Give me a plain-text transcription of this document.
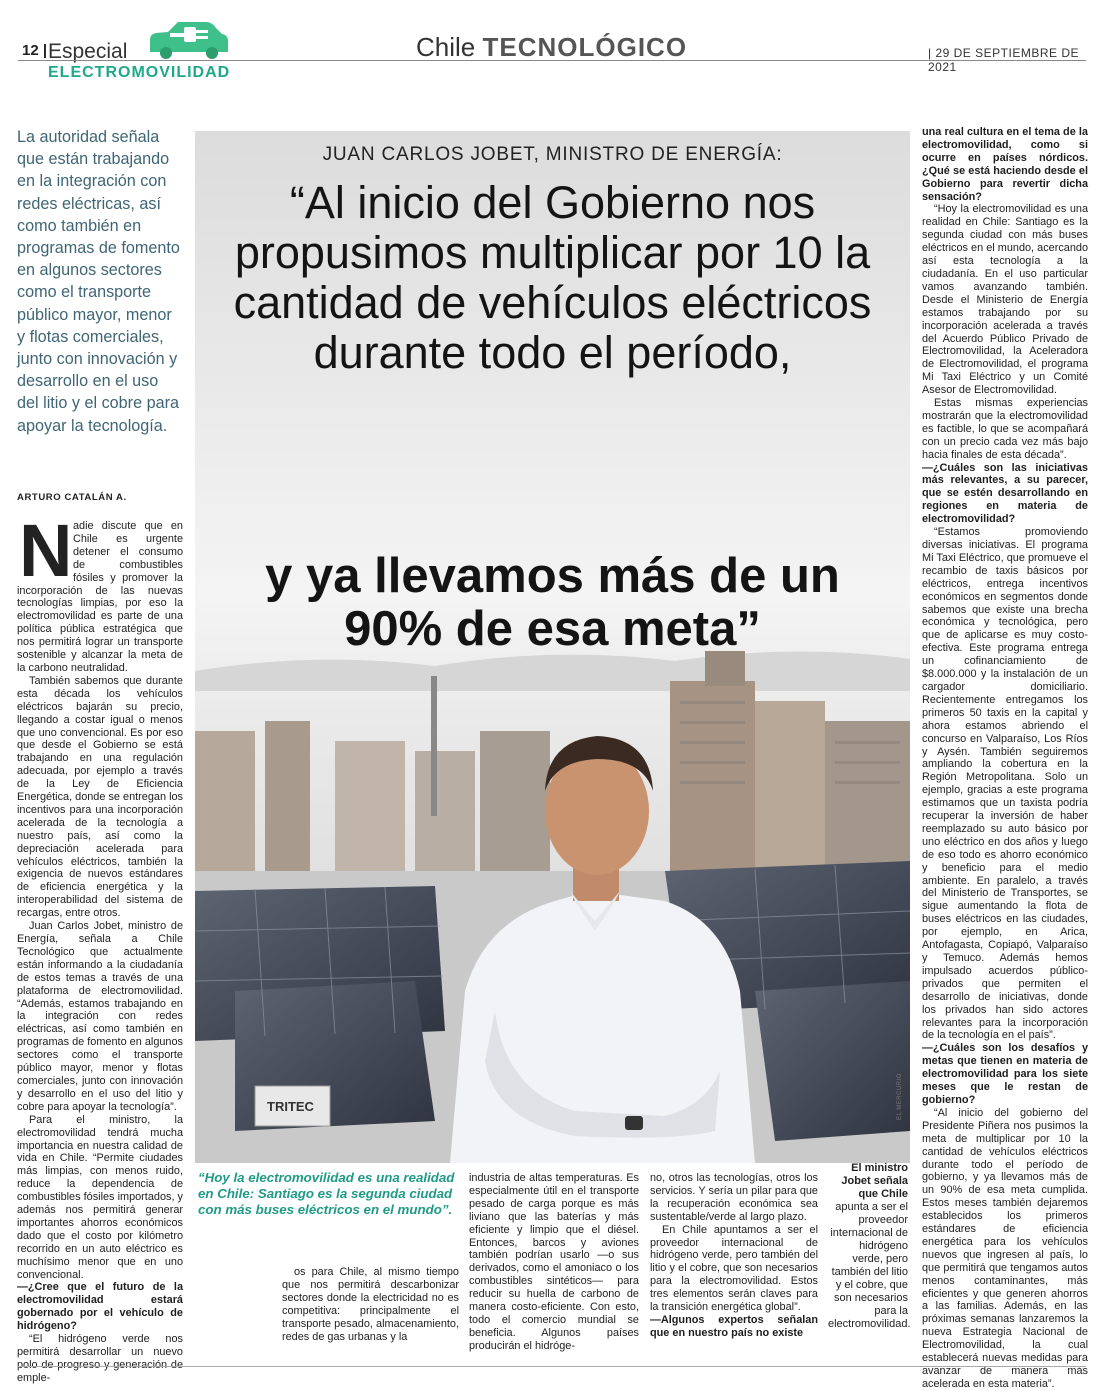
12 | Especial
ELECTROMOVILIDAD
Chile TECNOLÓGICO	| 29 DE SEPTIEMBRE DE 2021
La autoridad señala que están trabajando en la integración con redes eléctricas, así como también en programas de fomento en algunos sectores como el transporte público mayor, menor y flotas comerciales, junto con innovación y desarrollo en el uso del litio y el cobre para apoyar la tecnología.
ARTURO CATALÁN A.
N adie discute que en Chile es urgente detener el consumo de combustibles fósiles y promover la incorporación de las nuevas tecnologías limpias, por eso la electromovilidad es parte de una política pública estratégica que nos permitirá lograr un transporte sostenible y alcanzar la meta de la carbono neutralidad.

También sabemos que durante esta década los vehículos eléctricos bajarán su precio, llegando a costar igual o menos que uno convencional. Es por eso que desde el Gobierno se está trabajando en una regulación adecuada, por ejemplo a través de la Ley de Eficiencia Energética, donde se entregan los incentivos para una incorporación acelerada de la tecnología a nuestro país, así como la depreciación acelerada para vehículos eléctricos, también la exigencia de nuevos estándares de eficiencia energética y la interoperabilidad del sistema de recargas, entre otros.

Juan Carlos Jobet, ministro de Energía, señala a Chile Tecnológico que actualmente están informando a la ciudadanía de estos temas a través de una plataforma de electromovilidad. “Además, estamos trabajando en la integración con redes eléctricas, así como también en programas de fomento en algunos sectores como el transporte público mayor, menor y flotas comerciales, junto con innovación y desarrollo en el uso del litio y cobre para apoyar la tecnología”.

Para el ministro, la electromovilidad tendrá mucha importancia en nuestra calidad de vida en Chile. “Permite ciudades más limpias, con menos ruido, reduce la dependencia de combustibles fósiles importados, y además nos permitirá generar importantes ahorros económicos dado que el costo por kilómetro recorrido en un auto eléctrico es muchísimo menor que en uno convencional.

—¿Cree que el futuro de la electromovilidad estará gobernado por el vehículo de hidrógeno?

“El hidrógeno verde nos permitirá desarrollar un nuevo polo de progreso y generación de emple-

TRITEC
JUAN CARLOS JOBET, MINISTRO DE ENERGÍA:
“Al inicio del Gobierno nos propusimos multiplicar por 10 la cantidad de vehículos eléctricos durante todo el período,
y ya llevamos más de un 90% de esa meta”
EL MERCURIO
“Hoy la electromovilidad es una realidad en Chile: Santiago es la segunda ciudad con más buses eléctricos en el mundo”.

os para Chile, al mismo tiempo que nos permitirá descarbonizar sectores donde la electricidad no es competitiva: principalmente el transporte pesado, almacenamiento, redes de gas urbanas y la

industria de altas temperaturas. Es especialmente útil en el transporte pesado de carga porque es más liviano que las baterías y más eficiente y limpio que el diésel. Entonces, barcos y aviones también podrían usarlo —o sus derivados, como el amoniaco o los combustibles sintéticos— para reducir su huella de carbono de manera costo-eficiente. Con esto, todo el comercio mundial se beneficia. Algunos países producirán el hidróge-

no, otros las tecnologías, otros los servicios. Y sería un pilar para que la recuperación económica sea sustentable/verde al largo plazo.

En Chile apuntamos a ser el proveedor internacional de hidrógeno verde, pero también del litio y el cobre, que son necesarios para la electromovilidad. Estos tres elementos serán claves para la transición energética global”.

—Algunos expertos señalan que en nuestro país no existe

El ministro Jobet señala que Chile apunta a ser el proveedor internacional de hidrógeno verde, pero también del litio y el cobre, que son necesarios para la electromovilidad.

una real cultura en el tema de la electromovilidad, como si ocurre en países nórdicos. ¿Qué se está haciendo desde el Gobierno para revertir dicha sensación?

“Hoy la electromovilidad es una realidad en Chile: Santiago es la segunda ciudad con más buses eléctricos en el mundo, acercando así esta tecnología a la ciudadanía. En el uso particular vamos avanzando también. Desde el Ministerio de Energía estamos trabajando por su incorporación acelerada a través del Acuerdo Público Privado de Electromovilidad, la Aceleradora de Electromovilidad, el programa Mi Taxi Eléctrico y un Comité Asesor de Electromovilidad.

Estas mismas experiencias mostrarán que la electromovilidad es factible, lo que se acompañará con un precio cada vez más bajo hacia finales de esta década”.

—¿Cuáles son las iniciativas más relevantes, a su parecer, que se estén desarrollando en regiones en materia de electromovilidad?

“Estamos promoviendo diversas iniciativas. El programa Mi Taxi Eléctrico, que promueve el recambio de taxis básicos por eléctricos, entrega incentivos económicos en segmentos donde sabemos que existe una brecha económica y tecnológica, pero que de aplicarse es muy costo-efectiva. Este programa entrega un cofinanciamiento de $8.000.000 y la instalación de un cargador domiciliario. Recientemente entregamos los primeros 50 taxis en la capital y ahora estamos abriendo el concurso en Valparaíso, Los Ríos y Aysén. También seguiremos ampliando la cobertura en la Región Metropolitana. Solo un ejemplo, gracias a este programa estimamos que un taxista podría recuperar la inversión de haber reemplazado su auto básico por uno eléctrico en dos años y luego de eso todo es ahorro económico y beneficio para el medio ambiente. En paralelo, a través del Ministerio de Transportes, se sigue aumentando la flota de buses eléctricos en las ciudades, por ejemplo, en Arica, Antofagasta, Copiapó, Valparaíso y Temuco. Además hemos impulsado acuerdos público-privados que permiten el desarrollo de iniciativas, donde los privados han sido actores relevantes para la incorporación de la tecnología en el país”.

—¿Cuáles son los desafíos y metas que tienen en materia de electromovilidad para los siete meses que le restan de gobierno?

“Al inicio del gobierno del Presidente Piñera nos pusimos la meta de multiplicar por 10 la cantidad de vehículos eléctricos durante todo el período de gobierno, y ya llevamos más de un 90% de esa meta cumplida. Estos meses también dejaremos establecidos los primeros estándares de eficiencia energética para los vehículos nuevos que ingresen al país, lo que permitirá que tengamos autos menos contaminantes, más eficientes y que generen ahorros a las familias. Además, en las próximas semanas lanzaremos la nueva Estrategia Nacional de Electromovilidad, la cual establecerá nuevas medidas para avanzar de manera más acelerada en esta materia”.
